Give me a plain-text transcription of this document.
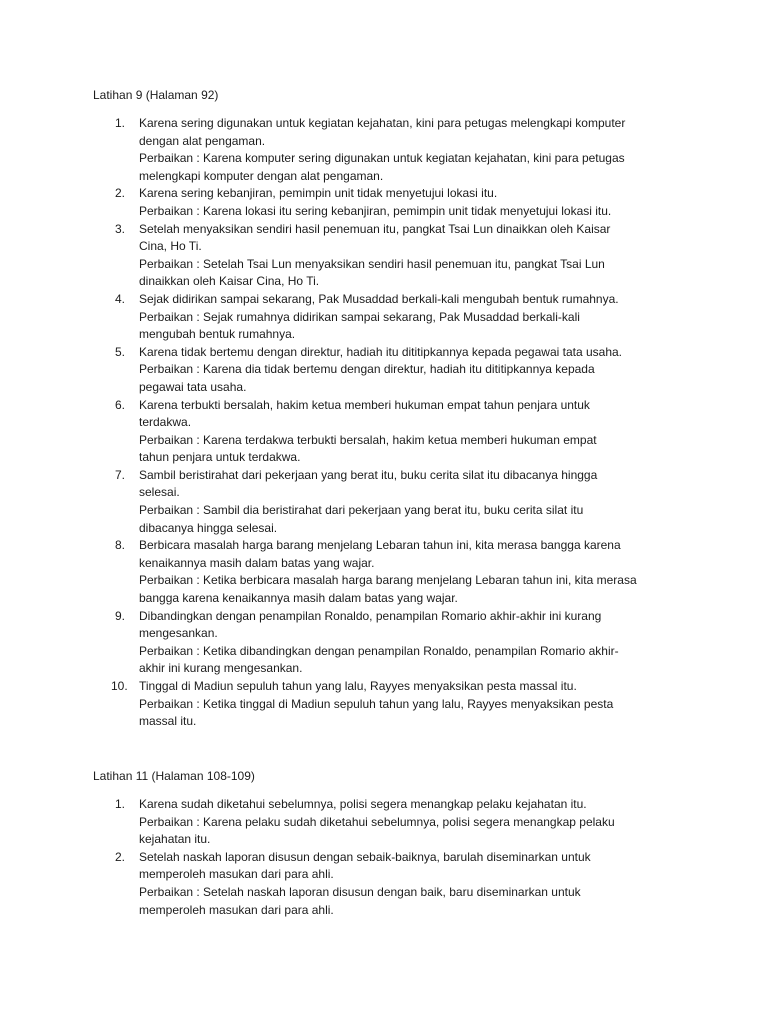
Latihan 9 (Halaman 92)
1. Karena sering digunakan untuk kegiatan kejahatan, kini para petugas melengkapi komputer
dengan alat pengaman.
Perbaikan : Karena komputer sering digunakan untuk kegiatan kejahatan, kini para petugas
melengkapi komputer dengan alat pengaman.
2. Karena sering kebanjiran, pemimpin unit tidak menyetujui lokasi itu.
Perbaikan : Karena lokasi itu sering kebanjiran, pemimpin unit tidak menyetujui lokasi itu.
3. Setelah menyaksikan sendiri hasil penemuan itu, pangkat Tsai Lun dinaikkan oleh Kaisar
Cina, Ho Ti.
Perbaikan : Setelah Tsai Lun menyaksikan sendiri hasil penemuan itu, pangkat Tsai Lun
dinaikkan oleh Kaisar Cina, Ho Ti.
4. Sejak didirikan sampai sekarang, Pak Musaddad berkali-kali mengubah bentuk rumahnya.
Perbaikan : Sejak rumahnya didirikan sampai sekarang, Pak Musaddad berkali-kali
mengubah bentuk rumahnya.
5. Karena tidak bertemu dengan direktur, hadiah itu dititipkannya kepada pegawai tata usaha.
Perbaikan : Karena dia tidak bertemu dengan direktur, hadiah itu dititipkannya kepada
pegawai tata usaha.
6. Karena terbukti bersalah, hakim ketua memberi hukuman empat tahun penjara untuk
terdakwa.
Perbaikan : Karena terdakwa terbukti bersalah, hakim ketua memberi hukuman empat
tahun penjara untuk terdakwa.
7. Sambil beristirahat dari pekerjaan yang berat itu, buku cerita silat itu dibacanya hingga
selesai.
Perbaikan : Sambil dia beristirahat dari pekerjaan yang berat itu, buku cerita silat itu
dibacanya hingga selesai.
8. Berbicara masalah harga barang menjelang Lebaran tahun ini, kita merasa bangga karena
kenaikannya masih dalam batas yang wajar.
Perbaikan : Ketika berbicara masalah harga barang menjelang Lebaran tahun ini, kita merasa
bangga karena kenaikannya masih dalam batas yang wajar.
9. Dibandingkan dengan penampilan Ronaldo, penampilan Romario akhir-akhir ini kurang
mengesankan.
Perbaikan : Ketika dibandingkan dengan penampilan Ronaldo, penampilan Romario akhir-
akhir ini kurang mengesankan.
10. Tinggal di Madiun sepuluh tahun yang lalu, Rayyes menyaksikan pesta massal itu.
Perbaikan : Ketika tinggal di Madiun sepuluh tahun yang lalu, Rayyes menyaksikan pesta
massal itu.
Latihan 11 (Halaman 108-109)
1. Karena sudah diketahui sebelumnya, polisi segera menangkap pelaku kejahatan itu.
Perbaikan : Karena pelaku sudah diketahui sebelumnya, polisi segera menangkap pelaku
kejahatan itu.
2. Setelah naskah laporan disusun dengan sebaik-baiknya, barulah diseminarkan untuk
memperoleh masukan dari para ahli.
Perbaikan : Setelah naskah laporan disusun dengan baik, baru diseminarkan untuk
memperoleh masukan dari para ahli.
